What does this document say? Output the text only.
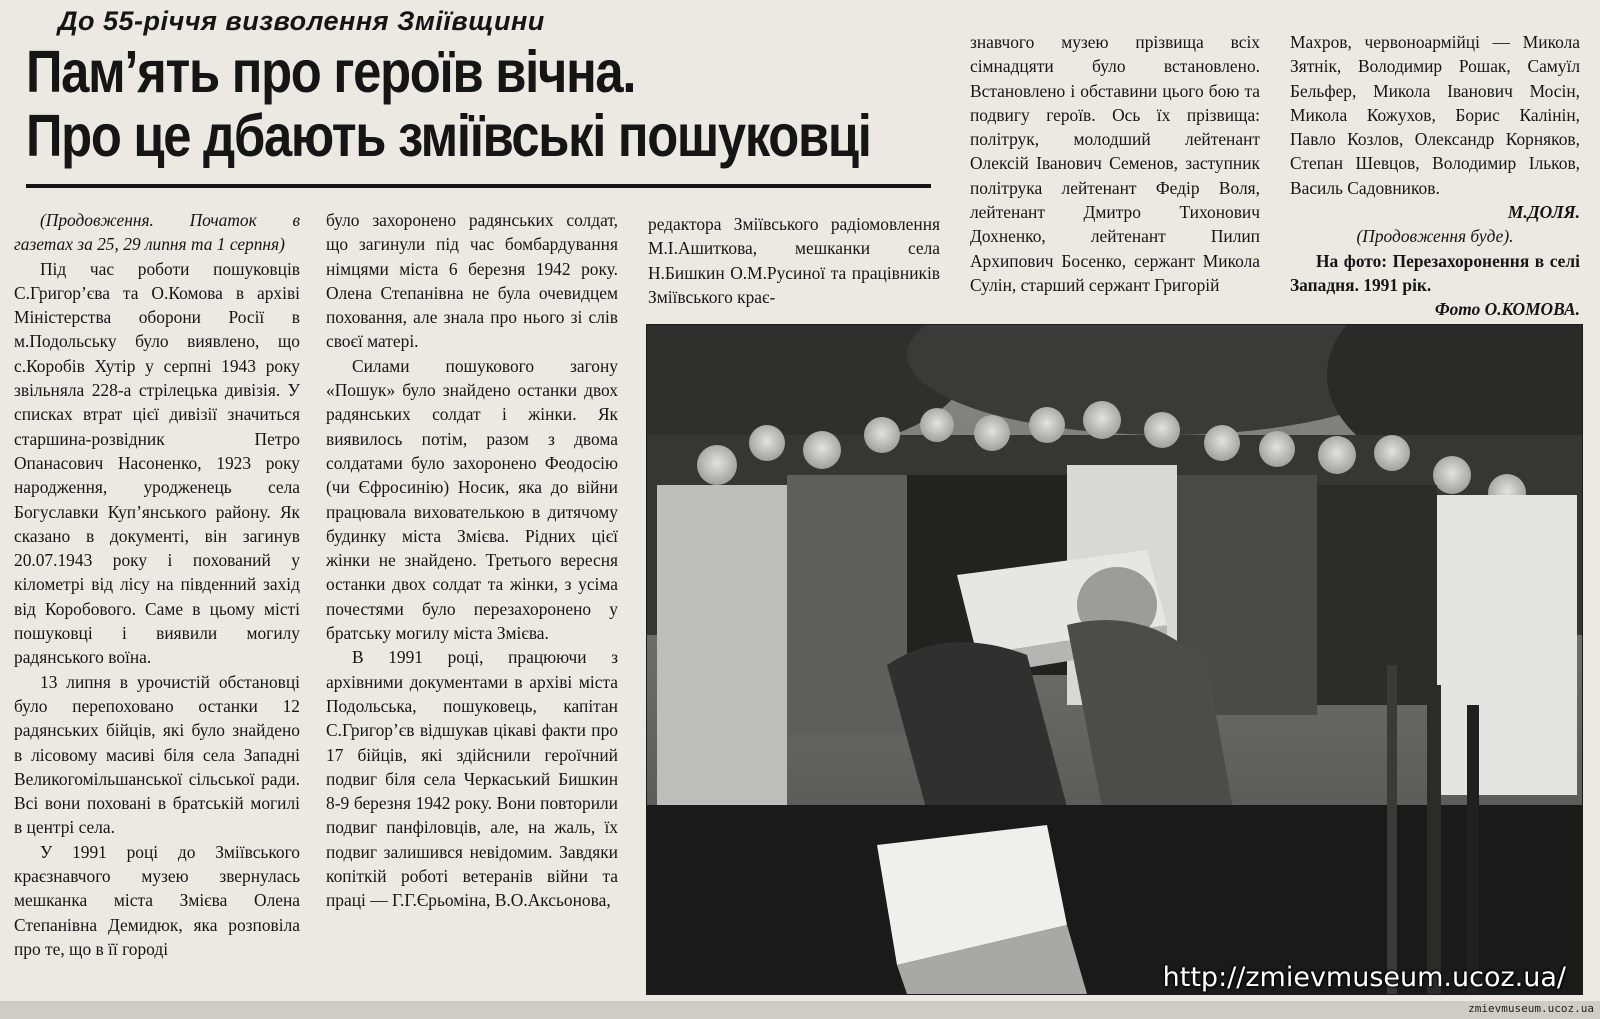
До 55-річчя визволення Зміївщини
Пам’ять про героїв вічна.
Про це дбають зміївські пошуковці

(Продовження. Початок в газетах за 25, 29 липня та 1 серпня)

Під час роботи пошуковців С.Григор’єва та О.Комова в архіві Міністерства оборони Росії в м.Подольську було виявлено, що с.Коробів Хутір у серпні 1943 року звільняла 228-а стрілецька дивізія. У списках втрат цієї дивізії значиться старшина-розвідник Петро Опанасович Насоненко, 1923 року народження, уродженець села Богуславки Куп’янського району. Як сказано в документі, він загинув 20.07.1943 року і похований у кілометрі від лісу на південний захід від Коробового. Саме в цьому місті пошуковці і виявили могилу радянського воїна.

13 липня в урочистій обстановці було перепоховано останки 12 радянських бійців, які було знайдено в лісовому масиві біля села Западні Великогомільшанської сільської ради. Всі вони поховані в братській могилі в центрі села.

У 1991 році до Зміївського краєзнавчого музею звернулась мешканка міста Змієва Олена Степанівна Демидюк, яка розповіла про те, що в її городі

було захоронено радянських солдат, що загинули під час бомбардування німцями міста 6 березня 1942 року. Олена Степанівна не була очевидцем поховання, але знала про нього зі слів своєї матері.

Силами пошукового загону «Пошук» було знайдено останки двох радянських солдат і жінки. Як виявилось потім, разом з двома солдатами було захоронено Феодосію (чи Єфросинію) Носик, яка до війни працювала вихователькою в дитячому будинку міста Змієва. Рідних цієї жінки не знайдено. Третього вересня останки двох солдат та жінки, з усіма почестями було перезахоронено у братську могилу міста Змієва.

В 1991 році, працюючи з архівними документами в архіві міста Подольська, пошуковець, капітан С.Григор’єв відшукав цікаві факти про 17 бійців, які здійснили героїчний подвиг біля села Черкаський Бишкин 8-9 березня 1942 року. Вони повторили подвиг панфіловців, але, на жаль, їх подвиг залишився невідомим. Завдяки копіткій роботі ветеранів війни та праці — Г.Г.Єрьоміна, В.О.Аксьонова,

редактора Зміївського радіомовлення М.І.Ашиткова, мешканки села Н.Бишкин О.М.Русиної та працівників Зміївського крає-

знавчого музею прізвища всіх сімнадцяти було встановлено. Встановлено і обставини цього бою та подвигу героїв. Ось їх прізвища: політрук, молодший лейтенант Олексій Іванович Семенов, заступник політрука лейтенант Федір Воля, лейтенант Дмитро Тихонович Дохненко, лейтенант Пилип Архипович Босенко, сержант Микола Сулін, старший сержант Григорій

Махров, червоноармійці — Микола Зятнік, Володимир Рошак, Самуїл Бельфер, Микола Іванович Мосін, Микола Кожухов, Борис Калінін, Павло Козлов, Олександр Корняков, Степан Шевцов, Володимир Ільков, Василь Садовников.

М.ДОЛЯ.
(Продовження буде).

На фото: Перезахоронення в селі Западня. 1991 рік.

Фото О.КОМОВА.
http://zmievmuseum.ucoz.ua/
zmievmuseum.ucoz.ua
